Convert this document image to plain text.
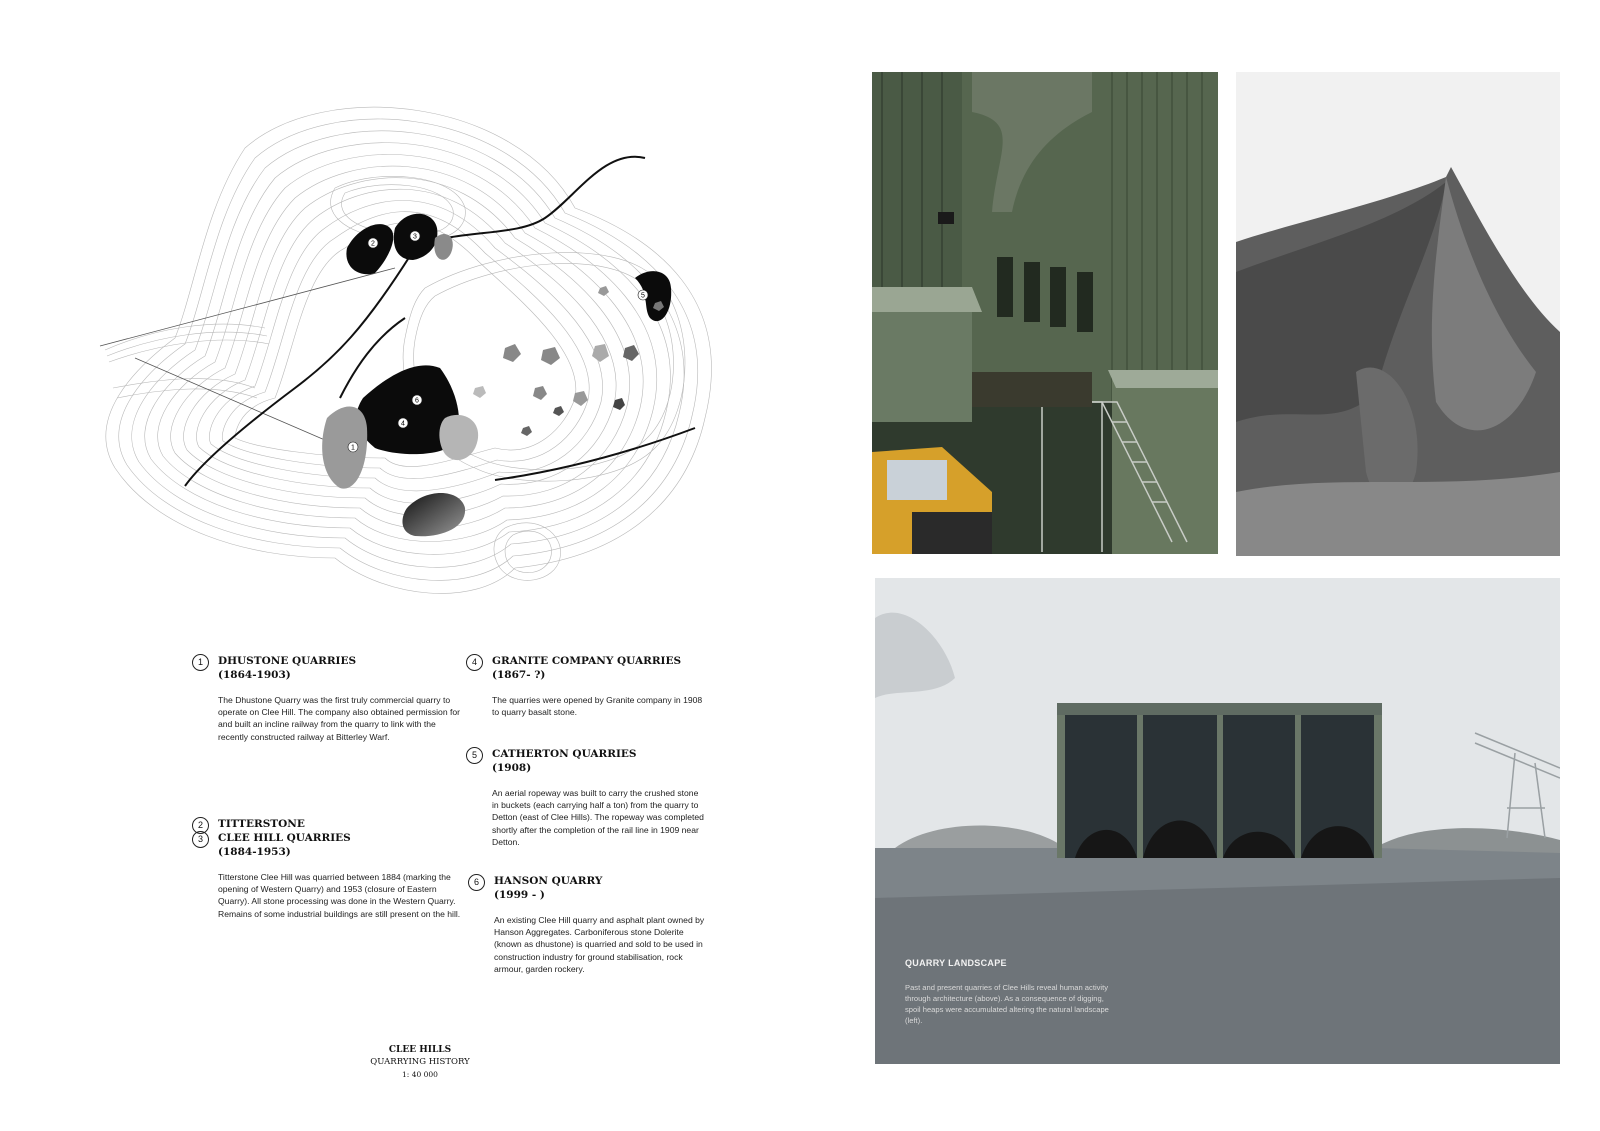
1
2
3
4
5
6
1	DHUSTONE QUARRIES
(1864-1903)
The Dhustone Quarry was the first truly commercial quarry to operate on Clee Hill. The company also obtained permission for and built an incline railway from the quarry to link with the recently constructed railway at Bitterley Warf.
2
3
TITTERSTONE
CLEE HILL QUARRIES
(1884-1953)
Titterstone Clee Hill was quarried between 1884 (marking the opening of Western Quarry) and 1953 (closure of Eastern Quarry). All stone processing was done in the Western Quarry. Remains of some industrial buildings are still present on the hill.
4	GRANITE COMPANY QUARRIES
(1867- ?)
The quarries were opened by Granite company in 1908 to quarry basalt stone.
5	CATHERTON QUARRIES
(1908)
An aerial ropeway was built to carry the crushed stone in buckets (each carrying half a ton) from the quarry to Detton (east of Clee Hills). The ropeway was completed shortly after the completion of the rail line in 1909 near Detton.
6	HANSON QUARRY
(1999 - )
An existing Clee Hill quarry and asphalt plant owned by Hanson Aggregates. Carboniferous stone Dolerite (known as dhustone) is quarried and sold to be used in construction industry for ground stabilisation, rock armour, garden rockery.
CLEE HILLS
QUARRYING HISTORY
1: 40 000
QUARRY LANDSCAPE
Past and present quarries of Clee Hills reveal human activity through architecture (above). As a consequence of digging, spoil heaps were accumulated altering the natural landscape (left).
